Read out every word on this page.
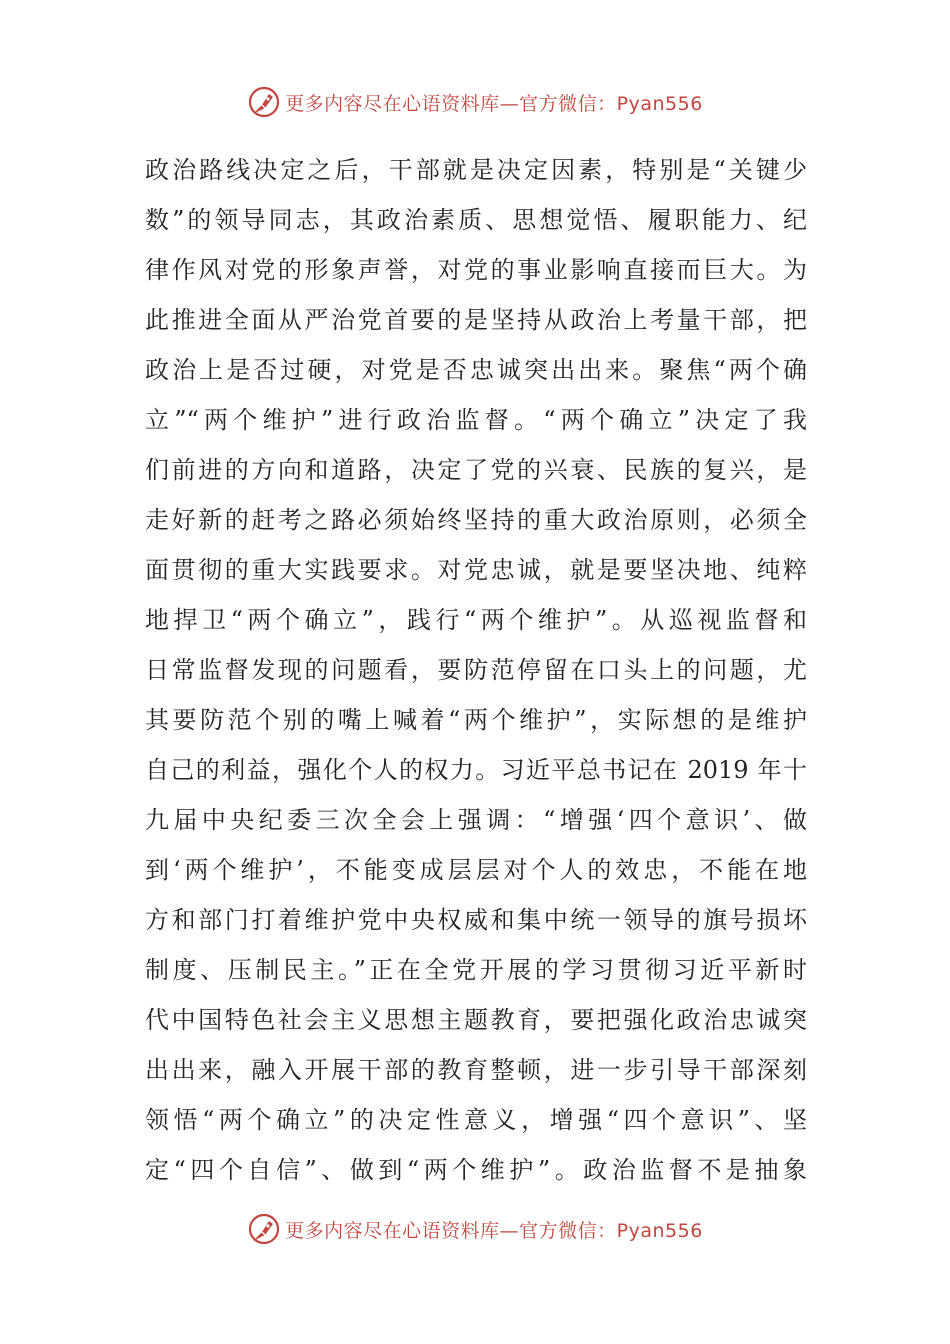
更多内容尽在心语资料库—官方微信：Pyan556
政治路线决定之后，干部就是决定因素，特别是“关键少
数”的领导同志，其政治素质、思想觉悟、履职能力、纪
律作风对党的形象声誉，对党的事业影响直接而巨大。为
此推进全面从严治党首要的是坚持从政治上考量干部，把
政治上是否过硬，对党是否忠诚突出出来。聚焦“两个确
立”“两个维护”进行政治监督。“两个确立”决定了我
们前进的方向和道路，决定了党的兴衰、民族的复兴，是
走好新的赶考之路必须始终坚持的重大政治原则，必须全
面贯彻的重大实践要求。对党忠诚，就是要坚决地、纯粹
地捍卫“两个确立”，践行“两个维护”。从巡视监督和
日常监督发现的问题看，要防范停留在口头上的问题，尤
其要防范个别的嘴上喊着“两个维护”，实际想的是维护
自己的利益，强化个人的权力。习近平总书记在 2019 年十
九届中央纪委三次全会上强调：“增强‘四个意识’、做
到‘两个维护’，不能变成层层对个人的效忠，不能在地
方和部门打着维护党中央权威和集中统一领导的旗号损坏
制度、压制民主。”正在全党开展的学习贯彻习近平新时
代中国特色社会主义思想主题教育，要把强化政治忠诚突
出出来，融入开展干部的教育整顿，进一步引导干部深刻
领悟“两个确立”的决定性意义，增强“四个意识”、坚
定“四个自信”、做到“两个维护”。政治监督不是抽象
更多内容尽在心语资料库—官方微信：Pyan556
